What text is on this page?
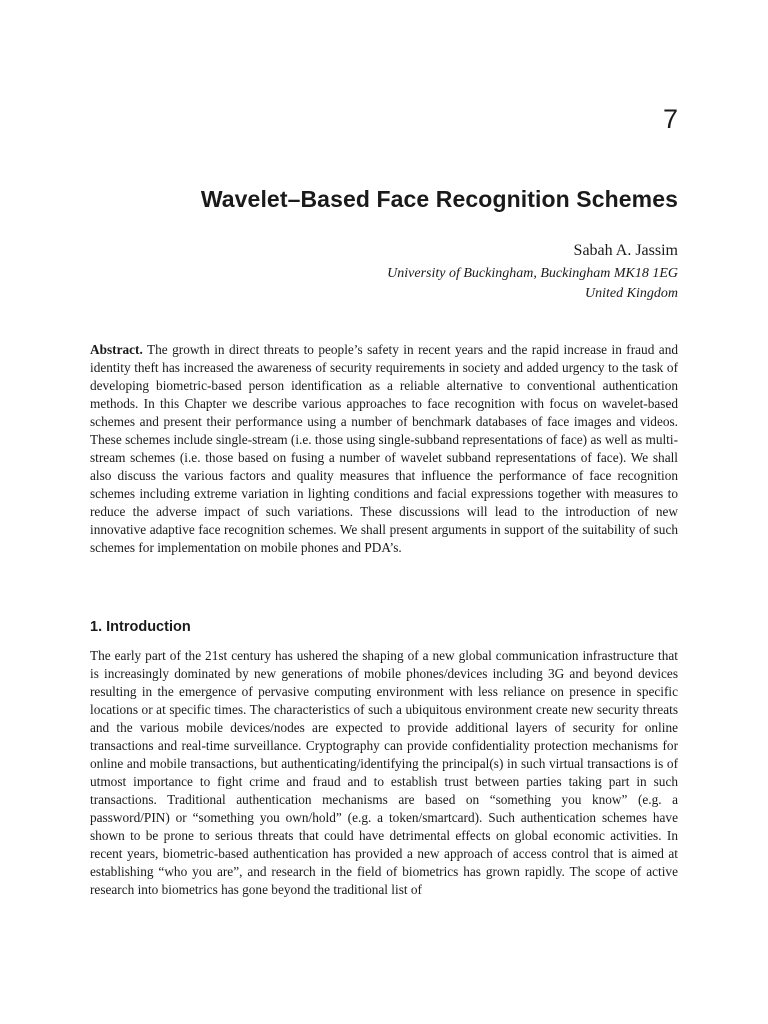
7
Wavelet–Based Face Recognition Schemes

Sabah A. Jassim

University of Buckingham, Buckingham MK18 1EG
United Kingdom

Abstract. The growth in direct threats to people’s safety in recent years and the rapid increase in fraud and identity theft has increased the awareness of security requirements in society and added urgency to the task of developing biometric-based person identification as a reliable alternative to conventional authentication methods. In this Chapter we describe various approaches to face recognition with focus on wavelet-based schemes and present their performance using a number of benchmark databases of face images and videos. These schemes include single-stream (i.e. those using single-subband representations of face) as well as multi-stream schemes (i.e. those based on fusing a number of wavelet subband representations of face). We shall also discuss the various factors and quality measures that influence the performance of face recognition schemes including extreme variation in lighting conditions and facial expressions together with measures to reduce the adverse impact of such variations. These discussions will lead to the introduction of new innovative adaptive face recognition schemes. We shall present arguments in support of the suitability of such schemes for implementation on mobile phones and PDA’s.

1. Introduction

The early part of the 21st century has ushered the shaping of a new global communication infrastructure that is increasingly dominated by new generations of mobile phones/devices including 3G and beyond devices resulting in the emergence of pervasive computing environment with less reliance on presence in specific locations or at specific times. The characteristics of such a ubiquitous environment create new security threats and the various mobile devices/nodes are expected to provide additional layers of security for online transactions and real-time surveillance. Cryptography can provide confidentiality protection mechanisms for online and mobile transactions, but authenticating/identifying the principal(s) in such virtual transactions is of utmost importance to fight crime and fraud and to establish trust between parties taking part in such transactions. Traditional authentication mechanisms are based on “something you know” (e.g. a password/PIN) or “something you own/hold” (e.g. a token/smartcard). Such authentication schemes have shown to be prone to serious threats that could have detrimental effects on global economic activities. In recent years, biometric-based authentication has provided a new approach of access control that is aimed at establishing “who you are”, and research in the field of biometrics has grown rapidly. The scope of active research into biometrics has gone beyond the traditional list of
